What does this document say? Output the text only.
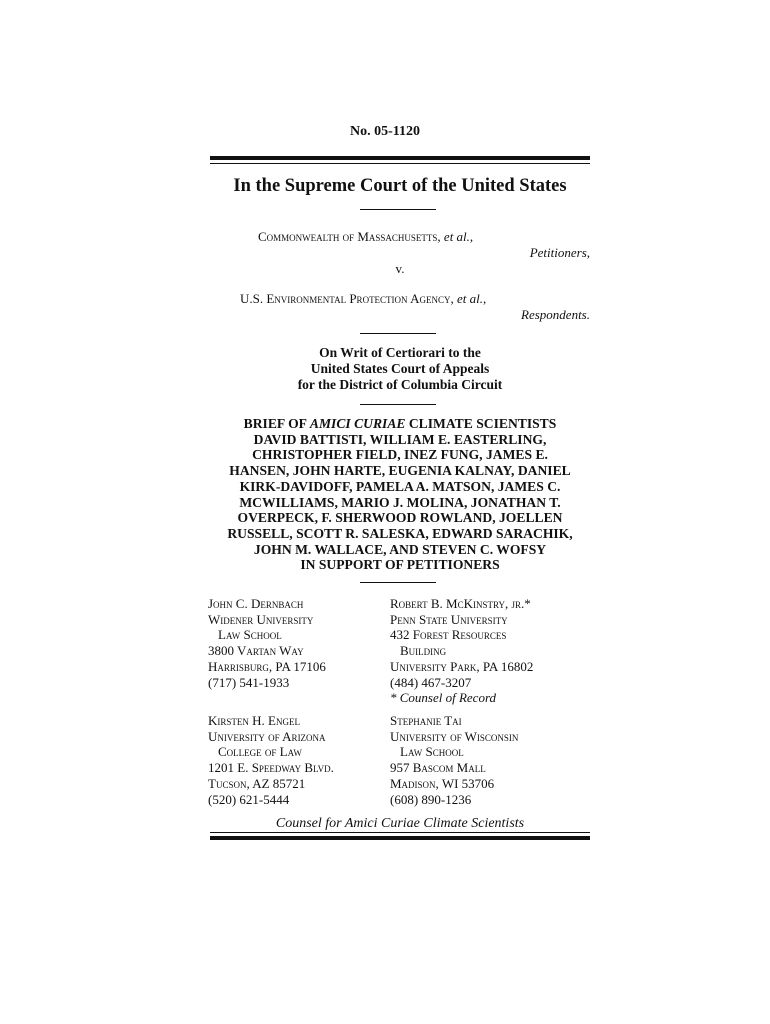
No. 05-1120
In the Supreme Court of the United States
Commonwealth of Massachusetts, et al.,
Petitioners,
v.
U.S. Environmental Protection Agency, et al.,
Respondents.
On Writ of Certiorari to the
United States Court of Appeals
for the District of Columbia Circuit
BRIEF OF AMICI CURIAE CLIMATE SCIENTISTS
DAVID BATTISTI, WILLIAM E. EASTERLING,
CHRISTOPHER FIELD, INEZ FUNG, JAMES E.
HANSEN, JOHN HARTE, EUGENIA KALNAY, DANIEL
KIRK-DAVIDOFF, PAMELA A. MATSON, JAMES C.
MCWILLIAMS, MARIO J. MOLINA, JONATHAN T.
OVERPECK, F. SHERWOOD ROWLAND, JOELLEN
RUSSELL, SCOTT R. SALESKA, EDWARD SARACHIK,
JOHN M. WALLACE, AND STEVEN C. WOFSY
IN SUPPORT OF PETITIONERS
John C. Dernbach
Widener University
Law School
3800 Vartan Way
Harrisburg, PA 17106
(717) 541-1933
Robert B. McKinstry, jr.*
Penn State University
432 Forest Resources
Building
University Park, PA 16802
(484) 467-3207
* Counsel of Record
Kirsten H. Engel
University of Arizona
College of Law
1201 E. Speedway Blvd.
Tucson, AZ 85721
(520) 621-5444
Stephanie Tai
University of Wisconsin
Law School
957 Bascom Mall
Madison, WI 53706
(608) 890-1236
Counsel for Amici Curiae Climate Scientists
